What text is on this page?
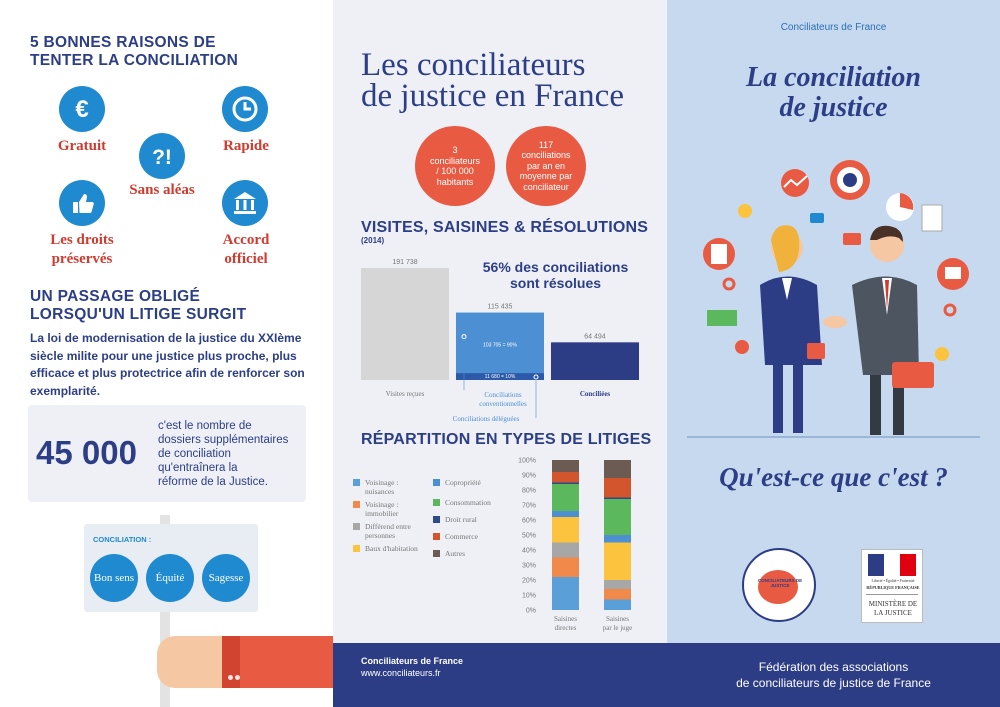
5 BONNES RAISONS DE
TENTER LA CONCILIATION
€
Gratuit	Rapide
?!
Sans aléas
Les droits
préservés
Accord
officiel
UN PASSAGE OBLIGÉ
LORSQU'UN LITIGE SURGIT
La loi de modernisation de la justice du XXIème siècle milite pour une justice plus proche, plus efficace et plus protectrice afin de renforcer son exemplarité.
45 000
c'est le nombre de
dossiers supplémentaires
de conciliation
qu'entraînera la
réforme de la Justice.
CONCILIATION :
Bon sens	Équité	Sagesse
Les conciliateurs
de justice en France
3
conciliateurs
/ 100 000
habitants
117
conciliations
par an en
moyenne par
conciliateur
VISITES, SAISINES & RÉSOLUTIONS
(2014)
56% des conciliations
sont résolues
191 738
Visites reçues
115 435
64 494
Conciliées
103 705 = 90%
11 680 = 10%
Conciliations conventionnelles
Conciliations déléguées
RÉPARTITION EN TYPES DE LITIGES
Voisinage : nuisances
Voisinage : immobilier
Différend entre personnes
Baux d'habitation
Copropriété
Consommation
Droit rural
Commerce
Autres
0%
10%
20%
30%
40%
50%
60%
70%
80%
90%
100%
Saisines directes
Saisines par le juge
Conciliateurs de France
La conciliation
de justice
Qu'est-ce que c'est ?
CONCILIATEURS DE JUSTICE
Liberté • Égalité • Fraternité
RÉPUBLIQUE FRANÇAISE
MINISTÈRE DE
LA JUSTICE
Conciliateurs de France
www.conciliateurs.fr	Fédération des associations
de conciliateurs de justice de France
